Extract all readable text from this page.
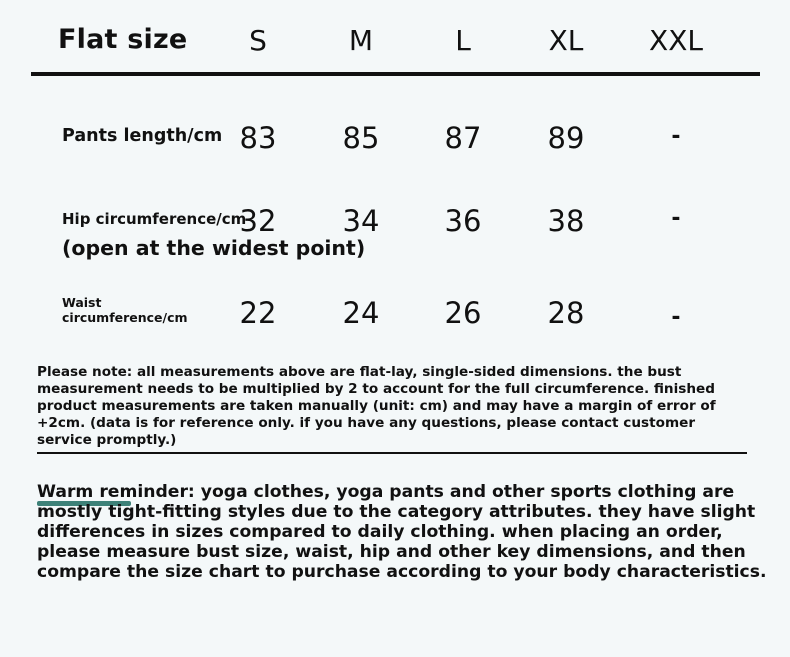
Flat size	S	M	L	XL	XXL
Pants length/cm 83	85	87	89	-
Hip circumference/cm
(open at the widest point)
32	34	36	38	-
Waist
circumference/cm	22	24	26	28	-
Please note: all measurements above are flat-lay, single-sided dimensions. the bust measurement needs to be multiplied by 2 to account for the full circumference. finished product measurements are taken manually (unit: cm) and may have a margin of error of +2cm. (data is for reference only. if you have any questions, please contact customer service promptly.)
Warm reminder: yoga clothes, yoga pants and other sports clothing are mostly tight-fitting styles due to the category attributes. they have slight differences in sizes compared to daily clothing. when placing an order, please measure bust size, waist, hip and other key dimensions, and then compare the size chart to purchase according to your body characteristics.
